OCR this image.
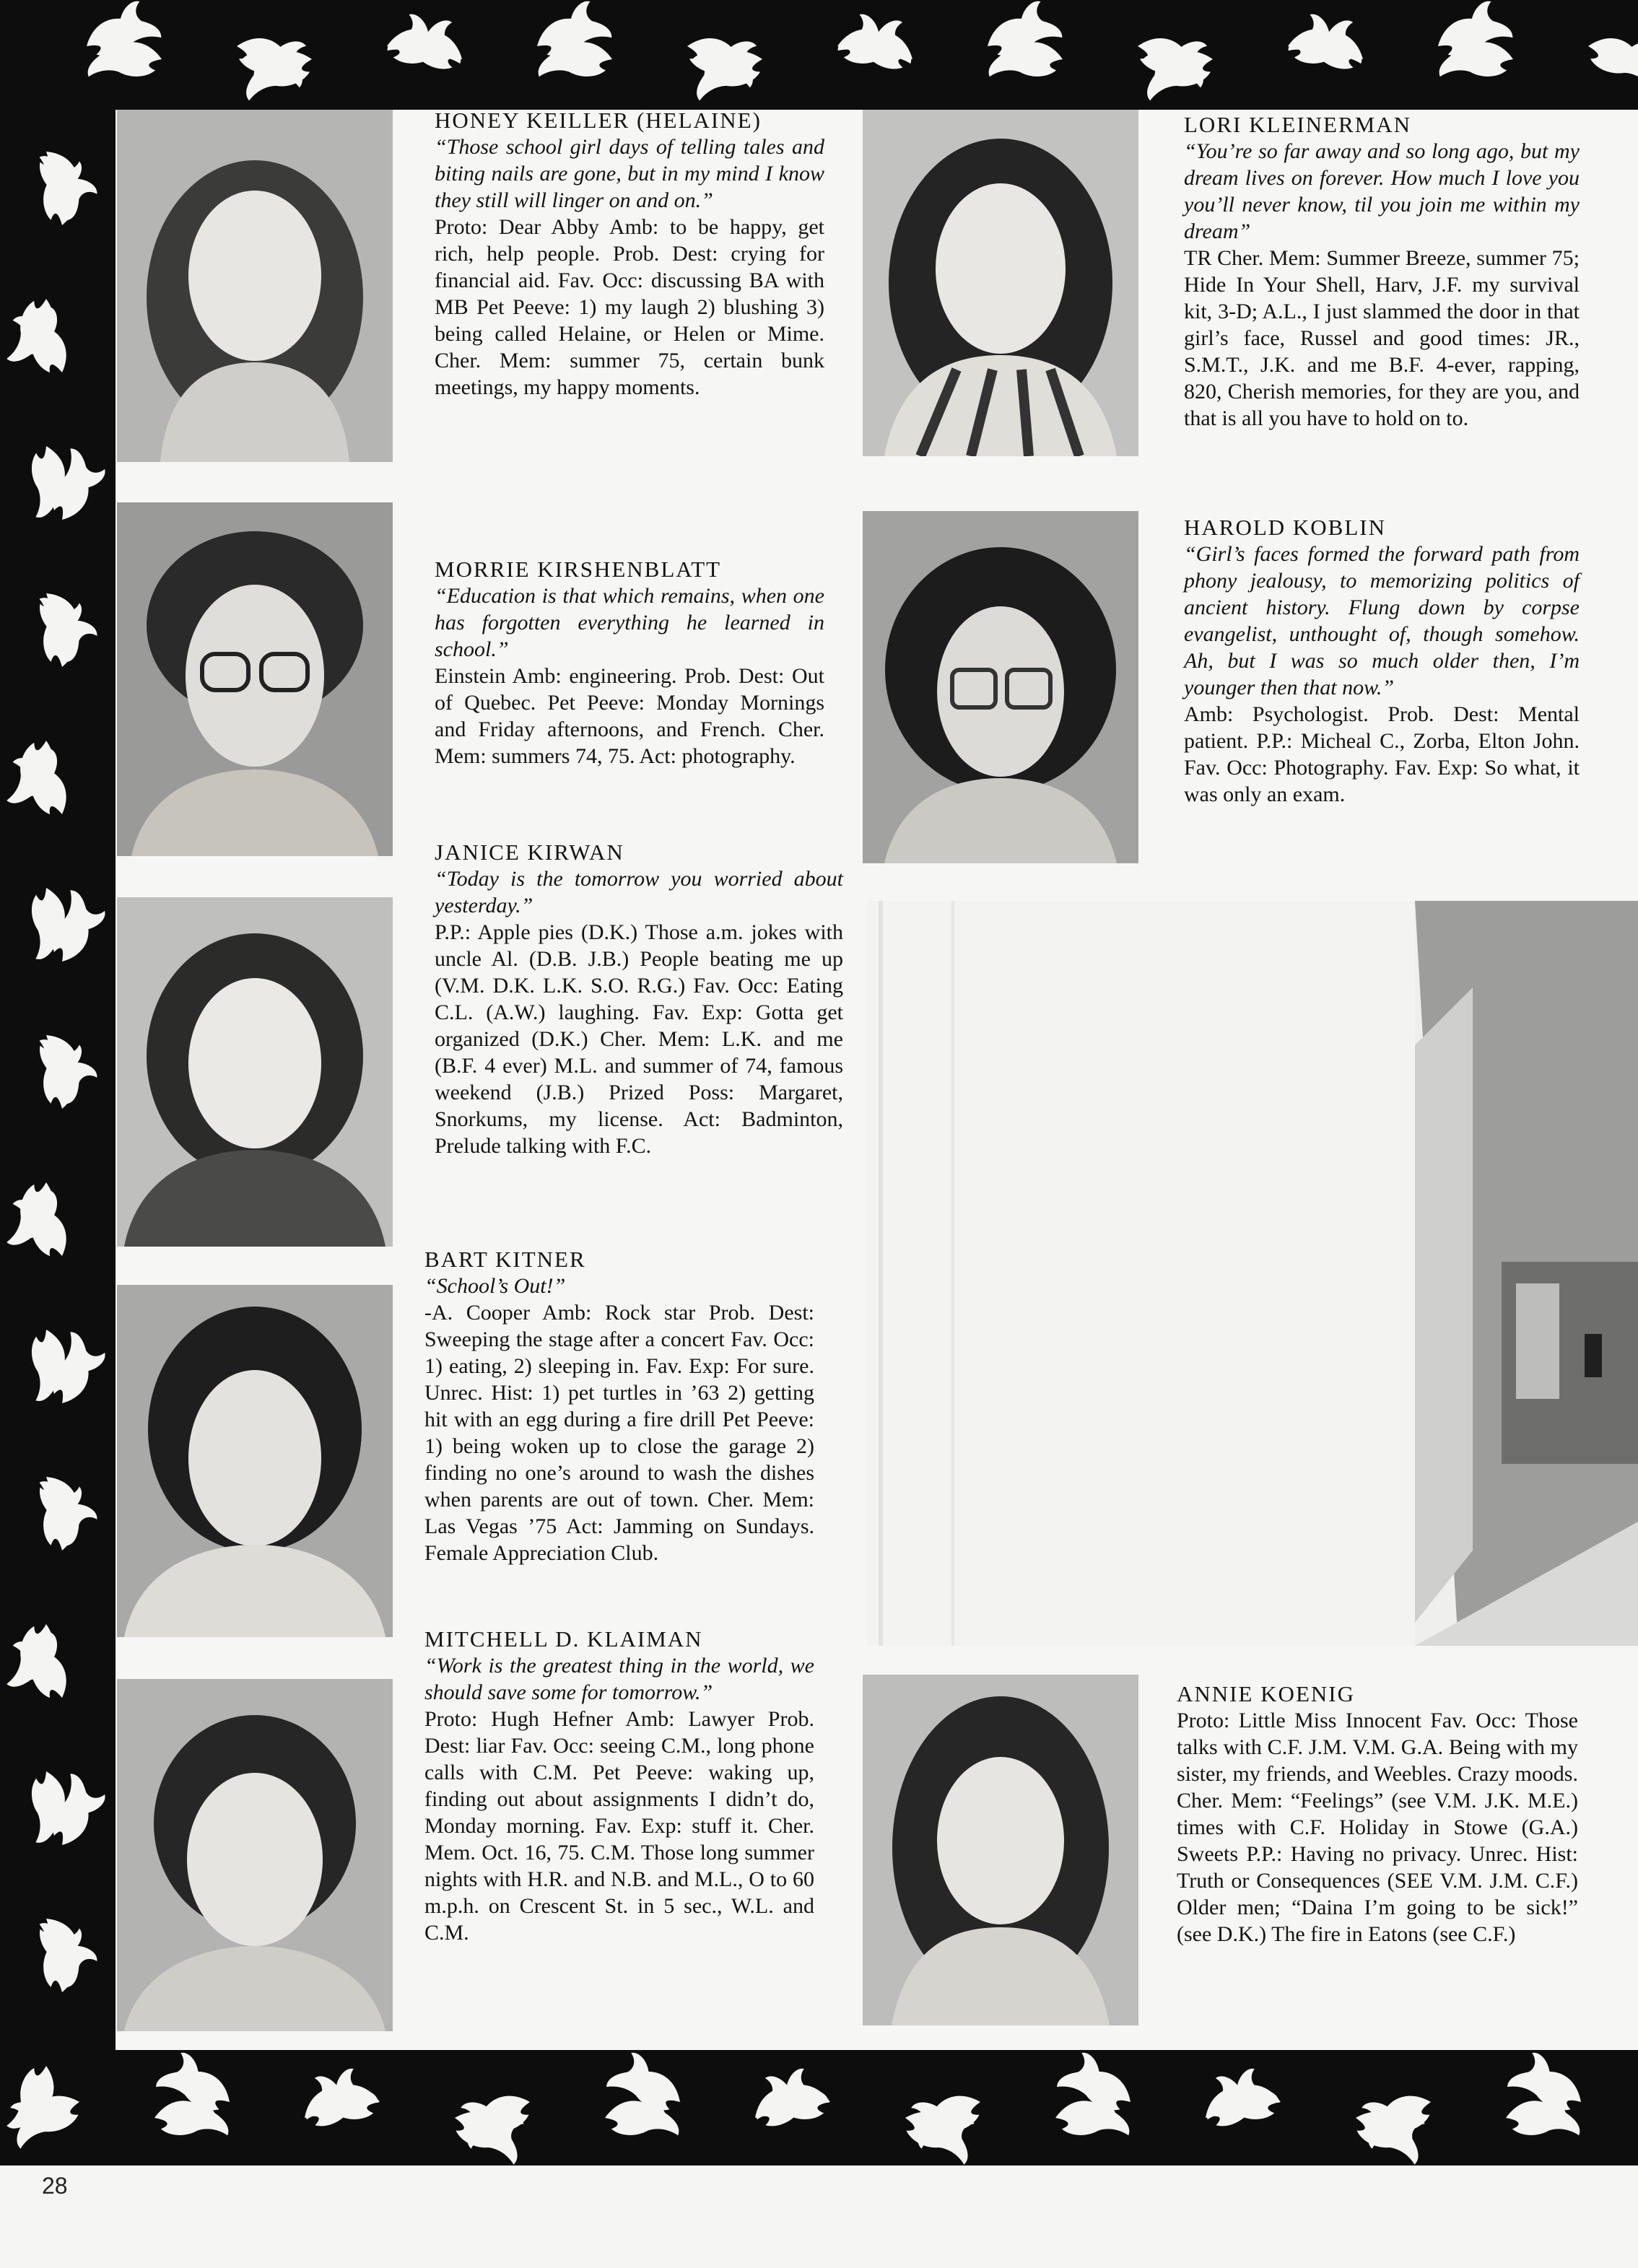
HONEY KEILLER (HELAINE)
“Those school girl days of telling tales and biting nails are gone, but in my mind I know they still will linger on and on.”
Proto: Dear Abby Amb: to be happy, get rich, help people. Prob. Dest: crying for financial aid. Fav. Occ: discussing BA with MB Pet Peeve: 1) my laugh 2) blushing 3) being called Helaine, or Helen or Mime. Cher. Mem: summer 75, certain bunk meetings, my happy moments.
MORRIE KIRSHENBLATT
“Education is that which remains, when one has forgotten everything he learned in school.”
Einstein Amb: engineering. Prob. Dest: Out of Quebec. Pet Peeve: Monday Mornings and Friday afternoons, and French. Cher. Mem: summers 74, 75. Act: photography.
JANICE KIRWAN
“Today is the tomorrow you worried about yesterday.”
P.P.: Apple pies (D.K.) Those a.m. jokes with uncle Al. (D.B. J.B.) People beating me up (V.M. D.K. L.K. S.O. R.G.) Fav. Occ: Eating C.L. (A.W.) laughing. Fav. Exp: Gotta get organized (D.K.) Cher. Mem: L.K. and me (B.F. 4 ever) M.L. and summer of 74, famous weekend (J.B.) Prized Poss: Margaret, Snorkums, my license. Act: Badminton, Prelude talking with F.C.
BART KITNER
“School’s Out!”
-A. Cooper Amb: Rock star Prob. Dest: Sweeping the stage after a concert Fav. Occ: 1) eating, 2) sleeping in. Fav. Exp: For sure. Unrec. Hist: 1) pet turtles in ’63 2) getting hit with an egg during a fire drill Pet Peeve: 1) being woken up to close the garage 2) finding no one’s around to wash the dishes when parents are out of town. Cher. Mem: Las Vegas ’75 Act: Jamming on Sundays. Female Appreciation Club.
MITCHELL D. KLAIMAN
“Work is the greatest thing in the world, we should save some for tomorrow.”
Proto: Hugh Hefner Amb: Lawyer Prob. Dest: liar Fav. Occ: seeing C.M., long phone calls with C.M. Pet Peeve: waking up, finding out about assignments I didn’t do, Monday morning. Fav. Exp: stuff it. Cher. Mem. Oct. 16, 75. C.M. Those long summer nights with H.R. and N.B. and M.L., O to 60 m.p.h. on Crescent St. in 5 sec., W.L. and C.M.
LORI KLEINERMAN
“You’re so far away and so long ago, but my dream lives on forever. How much I love you you’ll never know, til you join me within my dream”
TR Cher. Mem: Summer Breeze, summer 75; Hide In Your Shell, Harv, J.F. my survival kit, 3-D; A.L., I just slammed the door in that girl’s face, Russel and good times: JR., S.M.T., J.K. and me B.F. 4-ever, rapping, 820, Cherish memories, for they are you, and that is all you have to hold on to.
HAROLD KOBLIN
“Girl’s faces formed the forward path from phony jealousy, to memorizing politics of ancient history. Flung down by corpse evangelist, unthought of, though somehow. Ah, but I was so much older then, I’m younger then that now.”
Amb: Psychologist. Prob. Dest: Mental patient. P.P.: Micheal C., Zorba, Elton John. Fav. Occ: Photography. Fav. Exp: So what, it was only an exam.
ANNIE KOENIG
Proto: Little Miss Innocent Fav. Occ: Those talks with C.F. J.M. V.M. G.A. Being with my sister, my friends, and Weebles. Crazy moods. Cher. Mem: “Feelings” (see V.M. J.K. M.E.) times with C.F. Holiday in Stowe (G.A.) Sweets P.P.: Having no privacy. Unrec. Hist: Truth or Consequences (SEE V.M. J.M. C.F.) Older men; “Daina I’m going to be sick!” (see D.K.) The fire in Eatons (see C.F.)
28
